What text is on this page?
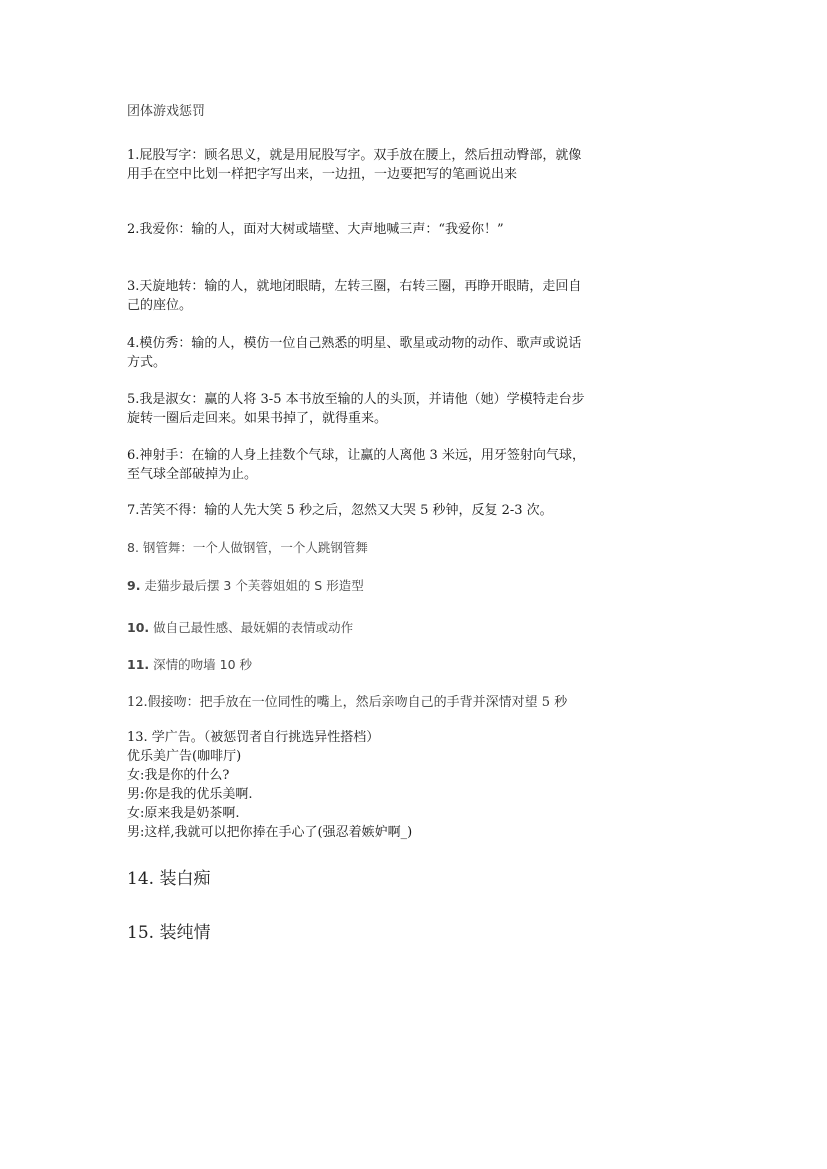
团体游戏惩罚
1.屁股写字：顾名思义，就是用屁股写字。双手放在腰上，然后扭动臀部，就像
用手在空中比划一样把字写出来，一边扭，一边要把写的笔画说出来
2.我爱你：输的人，面对大树或墙壁、大声地喊三声：“我爱你！”
3.天旋地转：输的人，就地闭眼睛，左转三圈，右转三圈，再睁开眼睛，走回自
己的座位。
4.模仿秀：输的人，模仿一位自己熟悉的明星、歌星或动物的动作、歌声或说话
方式。
5.我是淑女：赢的人将 3-5 本书放至输的人的头顶，并请他（她）学模特走台步
旋转一圈后走回来。如果书掉了，就得重来。
6.神射手：在输的人身上挂数个气球，让赢的人离他 3 米远，用牙签射向气球，
至气球全部破掉为止。
7.苦笑不得：输的人先大笑 5 秒之后，忽然又大哭 5 秒钟，反复 2-3 次。
8. 钢管舞：一个人做钢管，一个人跳钢管舞
9. 走猫步最后摆 3 个芙蓉姐姐的 S 形造型
10. 做自己最性感、最妩媚的表情或动作
11. 深情的吻墙 10 秒
12.假接吻：把手放在一位同性的嘴上，然后亲吻自己的手背并深情对望 5 秒
13. 学广告。（被惩罚者自行挑选异性搭档）
优乐美广告(咖啡厅)
女:我是你的什么?
男:你是我的优乐美啊.
女:原来我是奶茶啊.
男:这样,我就可以把你捧在手心了(强忍着嫉妒啊_)
14. 装白痴
15. 装纯情
